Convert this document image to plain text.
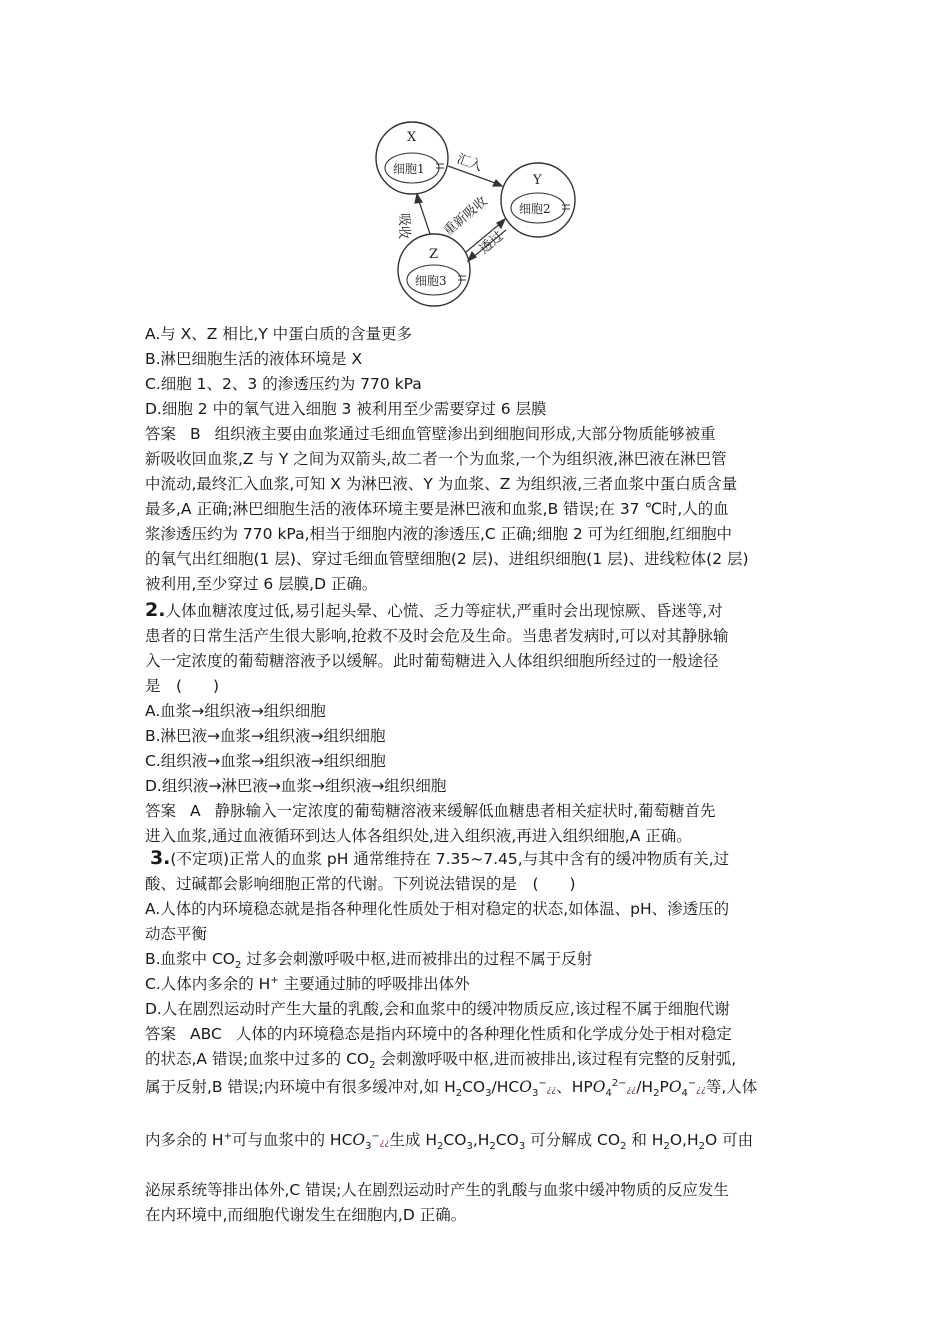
X
细胞1
Y
细胞2
Z
细胞3
汇入
重新吸收
透过
吸收
A.与 X、Z 相比,Y 中蛋白质的含量更多
B.淋巴细胞生活的液体环境是 X
C.细胞 1、2、3 的渗透压约为 770 kPa
D.细胞 2 中的氧气进入细胞 3 被利用至少需要穿过 6 层膜
答案 B 组织液主要由血浆通过毛细血管壁渗出到细胞间形成,大部分物质能够被重
新吸收回血浆,Z 与 Y 之间为双箭头,故二者一个为血浆,一个为组织液,淋巴液在淋巴管
中流动,最终汇入血浆,可知 X 为淋巴液、Y 为血浆、Z 为组织液,三者血浆中蛋白质含量
最多,A 正确;淋巴细胞生活的液体环境主要是淋巴液和血浆,B 错误;在 37 ℃时,人的血
浆渗透压约为 770 kPa,相当于细胞内液的渗透压,C 正确;细胞 2 可为红细胞,红细胞中
的氧气出红细胞(1 层)、穿过毛细血管壁细胞(2 层)、进组织细胞(1 层)、进线粒体(2 层)
被利用,至少穿过 6 层膜,D 正确。
2.人体血糖浓度过低,易引起头晕、心慌、乏力等症状,严重时会出现惊厥、昏迷等,对
患者的日常生活产生很大影响,抢救不及时会危及生命。当患者发病时,可以对其静脉输
入一定浓度的葡萄糖溶液予以缓解。此时葡萄糖进入人体组织细胞所经过的一般途径
是　(　　)
A.血浆→组织液→组织细胞
B.淋巴液→血浆→组织液→组织细胞
C.组织液→血浆→组织液→组织细胞
D.组织液→淋巴液→血浆→组织液→组织细胞
答案 A 静脉输入一定浓度的葡萄糖溶液来缓解低血糖患者相关症状时,葡萄糖首先
进入血浆,通过血液循环到达人体各组织处,进入组织液,再进入组织细胞,A 正确。
3.(不定项)正常人的血浆 pH 通常维持在 7.35~7.45,与其中含有的缓冲物质有关,过
酸、过碱都会影响细胞正常的代谢。下列说法错误的是　(　　)
A.人体的内环境稳态就是指各种理化性质处于相对稳定的状态,如体温、pH、渗透压的
动态平衡
B.血浆中 $CO_2$ 过多会刺激呼吸中枢,进而被排出的过程不属于反射
C.人体内多余的 H+ 主要通过肺的呼吸排出体外
D.人在剧烈运动时产生大量的乳酸,会和血浆中的缓冲物质反应,该过程不属于细胞代谢
答案 ABC 人体的内环境稳态是指内环境中的各种理化性质和化学成分处于相对稳定
的状态,A 错误;血浆中过多的 $CO_2$ 会刺激呼吸中枢,进而被排出,该过程有完整的反射弧,
属于反射,B 错误;内环境中有很多缓冲对,如 $H_2CO_3/HCO_3^-¿¿$、$HPO_4^{2-}¿¿/H_2PO_4^-¿¿$等,人体
内多余的 H+可与血浆中的 $HCO_3^-¿¿$生成 $H_2CO_3,H_2CO_3$ 可分解成 $CO_2$ 和 $H_2O,H_2O$ 可由
泌尿系统等排出体外,C 错误;人在剧烈运动时产生的乳酸与血浆中缓冲物质的反应发生
在内环境中,而细胞代谢发生在细胞内,D 正确。
